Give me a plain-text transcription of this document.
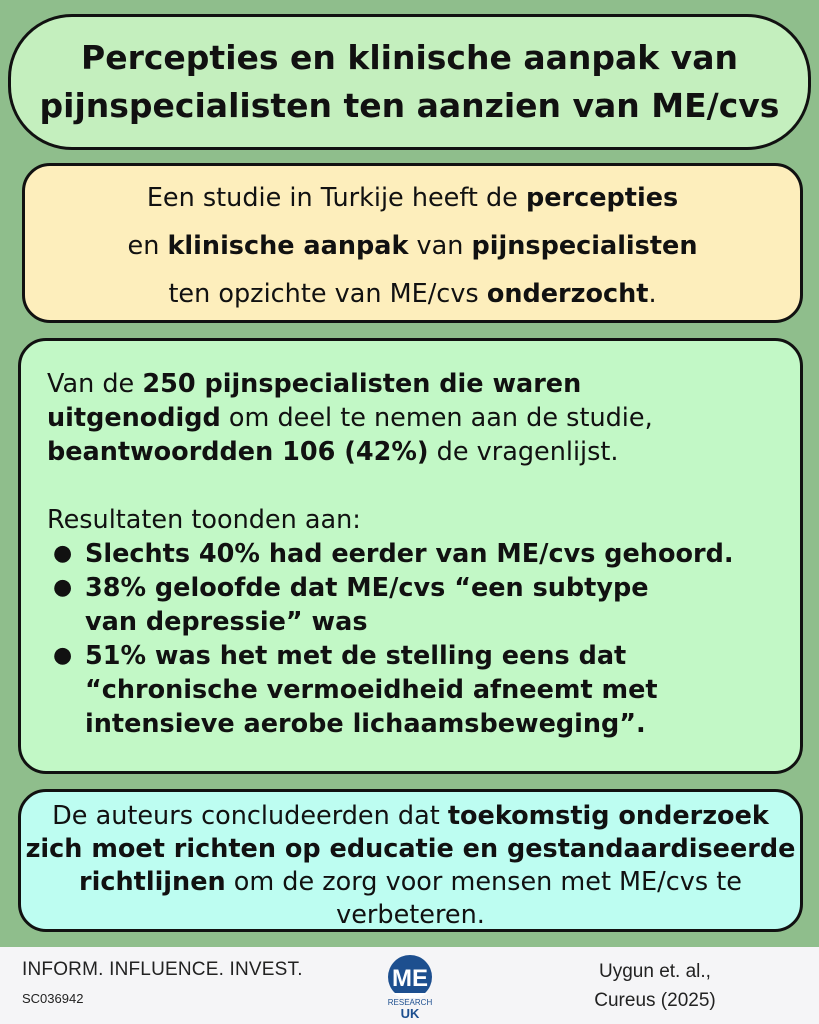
Percepties en klinische aanpak van
pijnspecialisten ten aanzien van ME/cvs
Een studie in Turkije heeft de percepties
en klinische aanpak van pijnspecialisten
ten opzichte van ME/cvs onderzocht.

Van de 250 pijnspecialisten die waren uitgenodigd om deel te nemen aan de studie, beantwoordden 106 (42%) de vragenlijst.

Resultaten toonden aan:

● Slechts 40% had eerder van ME/cvs gehoord.
● 38% geloofde dat ME/cvs “een subtype van depressie” was
● 51% was het met de stelling eens dat “chronische vermoeidheid afneemt met intensieve aerobe lichaamsbeweging”.

De auteurs concludeerden dat toekomstig onderzoek zich moet richten op educatie en gestandaardiseerde richtlijnen om de zorg voor mensen met ME/cvs te verbeteren.

INFORM. INFLUENCE. INVEST.
SC036942
ME
RESEARCH
UK
Uygun et. al.,
Cureus (2025)
